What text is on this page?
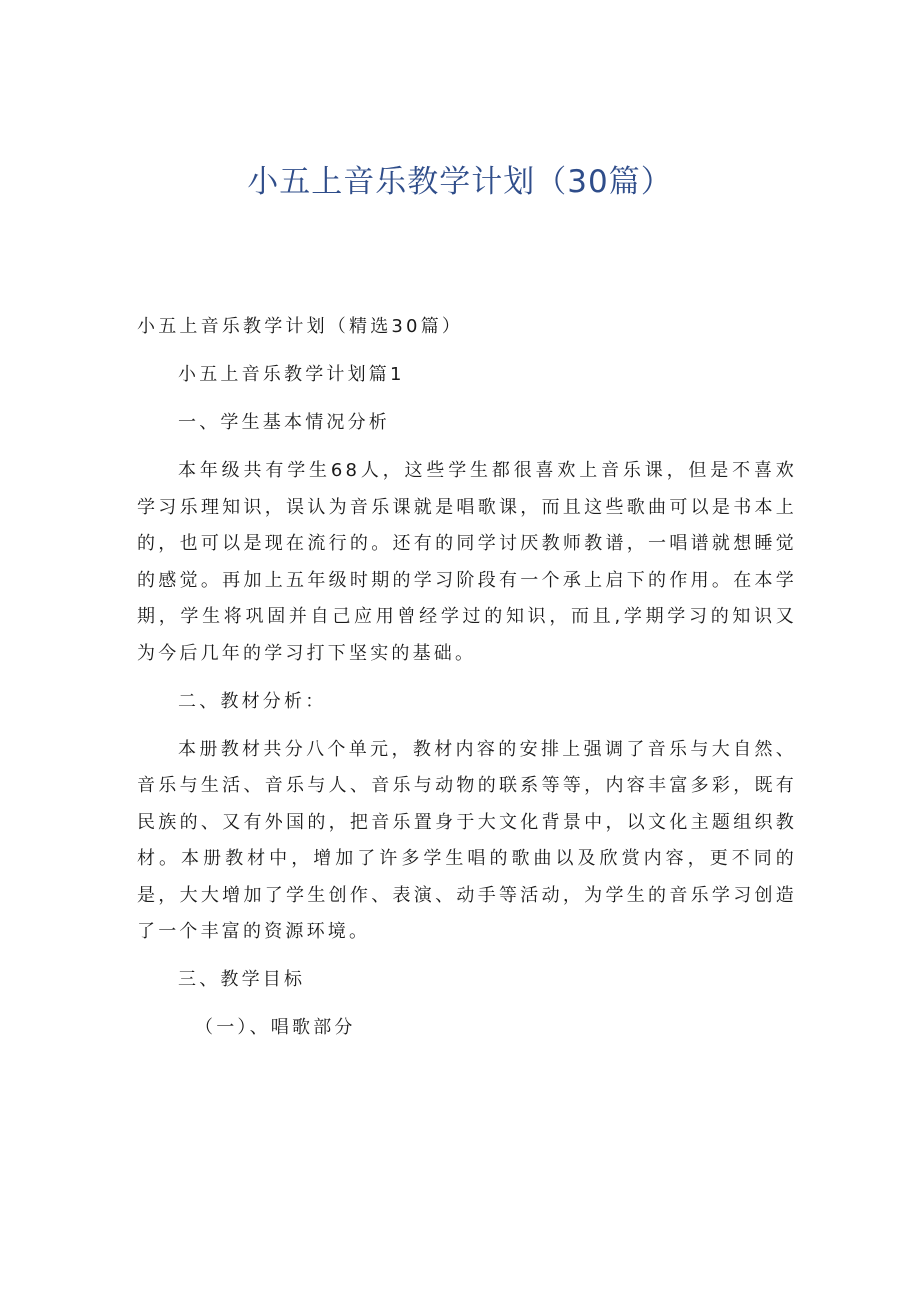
小五上音乐教学计划（30篇）

小五上音乐教学计划（精选30篇）

小五上音乐教学计划篇1

一、学生基本情况分析

本年级共有学生68人，这些学生都很喜欢上音乐课，但是不喜欢学习乐理知识，误认为音乐课就是唱歌课，而且这些歌曲可以是书本上的，也可以是现在流行的。还有的同学讨厌教师教谱，一唱谱就想睡觉的感觉。再加上五年级时期的学习阶段有一个承上启下的作用。在本学期，学生将巩固并自己应用曾经学过的知识，而且,学期学习的知识又为今后几年的学习打下坚实的基础。

二、教材分析：

本册教材共分八个单元，教材内容的安排上强调了音乐与大自然、音乐与生活、音乐与人、音乐与动物的联系等等，内容丰富多彩，既有民族的、又有外国的，把音乐置身于大文化背景中，以文化主题组织教材。本册教材中，增加了许多学生唱的歌曲以及欣赏内容，更不同的是，大大增加了学生创作、表演、动手等活动，为学生的音乐学习创造了一个丰富的资源环境。

三、教学目标

（一）、唱歌部分
